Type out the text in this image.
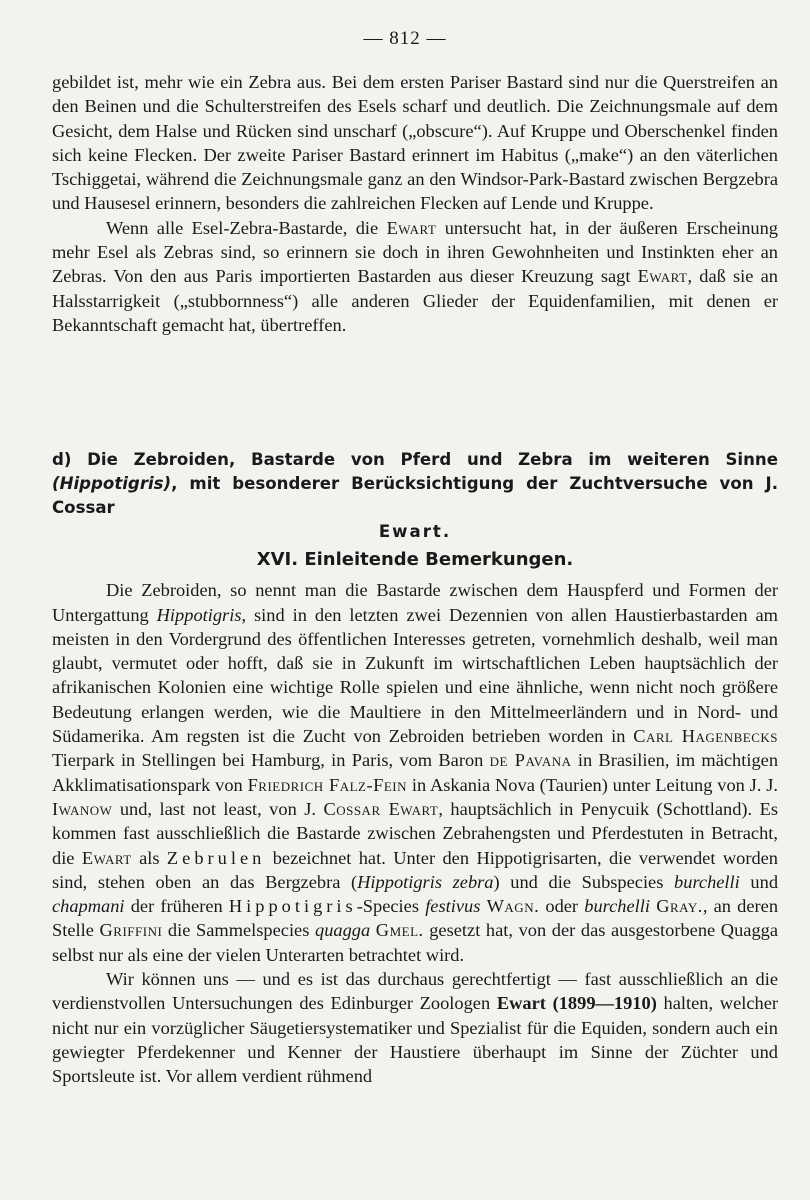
— 812 —

gebildet ist, mehr wie ein Zebra aus. Bei dem ersten Pariser Bastard sind nur die Querstreifen an den Beinen und die Schulterstreifen des Esels scharf und deutlich. Die Zeichnungsmale auf dem Gesicht, dem Halse und Rücken sind unscharf („obscure“). Auf Kruppe und Oberschenkel finden sich keine Flecken. Der zweite Pariser Bastard erinnert im Habitus („make“) an den väterlichen Tschiggetai, während die Zeichnungsmale ganz an den Windsor-Park-Bastard zwischen Bergzebra und Hausesel erinnern, besonders die zahlreichen Flecken auf Lende und Kruppe.

Wenn alle Esel-Zebra-Bastarde, die Ewart untersucht hat, in der äußeren Erscheinung mehr Esel als Zebras sind, so erinnern sie doch in ihren Gewohnheiten und Instinkten eher an Zebras. Von den aus Paris importierten Bastarden aus dieser Kreuzung sagt Ewart, daß sie an Halsstarrigkeit („stubbornness“) alle anderen Glieder der Equidenfamilien, mit denen er Bekanntschaft gemacht hat, übertreffen.

d) Die Zebroiden, Bastarde von Pferd und Zebra im weiteren Sinne (Hippotigris), mit besonderer Berücksichtigung der Zuchtversuche von J. Cossar
Ewart.

XVI. Einleitende Bemerkungen.

Die Zebroiden, so nennt man die Bastarde zwischen dem Hauspferd und Formen der Untergattung Hippotigris, sind in den letzten zwei Dezennien von allen Haustierbastarden am meisten in den Vordergrund des öffentlichen Interesses getreten, vornehmlich deshalb, weil man glaubt, vermutet oder hofft, daß sie in Zukunft im wirtschaftlichen Leben hauptsächlich der afrikanischen Kolonien eine wichtige Rolle spielen und eine ähnliche, wenn nicht noch größere Bedeutung erlangen werden, wie die Maultiere in den Mittelmeerländern und in Nord- und Südamerika. Am regsten ist die Zucht von Zebroiden betrieben worden in Carl Hagenbecks Tierpark in Stellingen bei Hamburg, in Paris, vom Baron de Pavana in Brasilien, im mächtigen Akklimatisationspark von Friedrich Falz-Fein in Askania Nova (Taurien) unter Leitung von J. J. Iwanow und, last not least, von J. Cossar Ewart, hauptsächlich in Penycuik (Schottland). Es kommen fast ausschließlich die Bastarde zwischen Zebrahengsten und Pferdestuten in Betracht, die Ewart als Zebrulen bezeichnet hat. Unter den Hippotigrisarten, die verwendet worden sind, stehen oben an das Bergzebra (Hippotigris zebra) und die Subspecies burchelli und chapmani der früheren Hippotigris-Species festivus Wagn. oder burchelli Gray., an deren Stelle Griffini die Sammelspecies quagga Gmel. gesetzt hat, von der das ausgestorbene Quagga selbst nur als eine der vielen Unterarten betrachtet wird.

Wir können uns — und es ist das durchaus gerechtfertigt — fast ausschließlich an die verdienstvollen Untersuchungen des Edinburger Zoologen Ewart (1899—1910) halten, welcher nicht nur ein vorzüglicher Säugetiersystematiker und Spezialist für die Equiden, sondern auch ein gewiegter Pferdekenner und Kenner der Haustiere überhaupt im Sinne der Züchter und Sportsleute ist. Vor allem verdient rühmend
